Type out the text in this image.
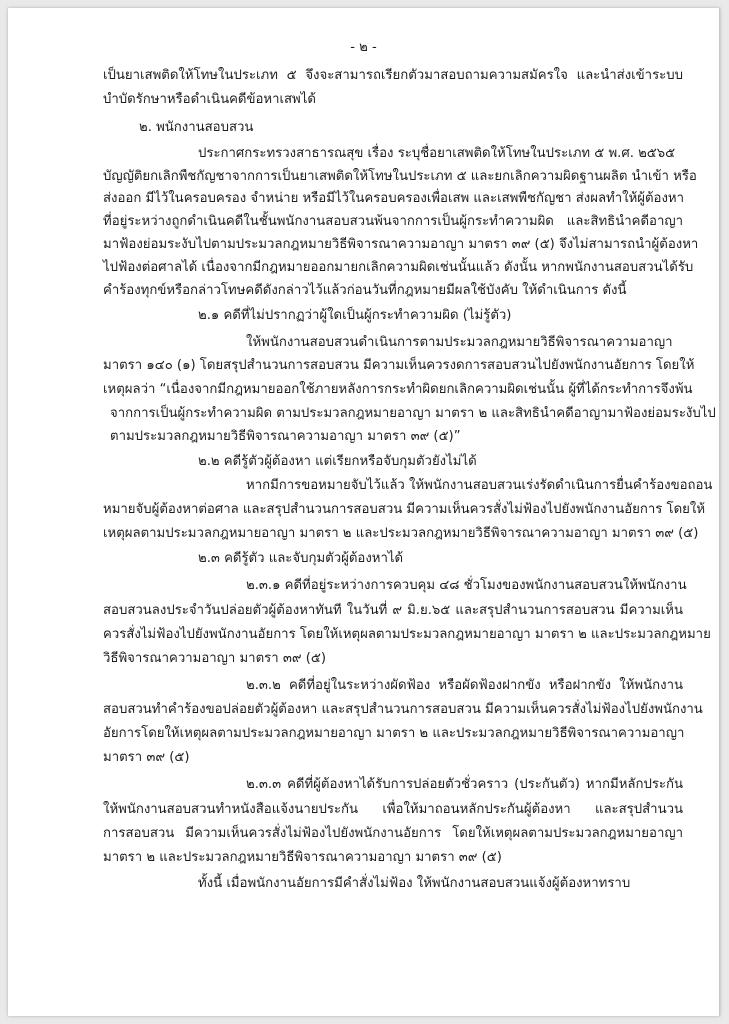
- ๒ -
เป็นยาเสพติดให้โทษในประเภท ๕ จึงจะสามารถเรียกตัวมาสอบถามความสมัครใจ และนำส่งเข้าระบบ
บำบัดรักษาหรือดำเนินคดีข้อหาเสพได้
๒. พนักงานสอบสวน
ประกาศกระทรวงสาธารณสุข เรื่อง ระบุชื่อยาเสพติดให้โทษในประเภท ๕ พ.ศ. ๒๕๖๕
บัญญัติยกเลิกพืชกัญชาจากการเป็นยาเสพติดให้โทษในประเภท ๕ และยกเลิกความผิดฐานผลิต นำเข้า หรือ
ส่งออก มีไว้ในครอบครอง จำหน่าย หรือมีไว้ในครอบครองเพื่อเสพ และเสพพืชกัญชา ส่งผลทำให้ผู้ต้องหา
ที่อยู่ระหว่างถูกดำเนินคดีในชั้นพนักงานสอบสวนพ้นจากการเป็นผู้กระทำความผิด และสิทธินำคดีอาญา
มาฟ้องย่อมระงับไปตามประมวลกฎหมายวิธีพิจารณาความอาญา มาตรา ๓๙ (๕) จึงไม่สามารถนำผู้ต้องหา
ไปฟ้องต่อศาลได้ เนื่องจากมีกฎหมายออกมายกเลิกความผิดเช่นนั้นแล้ว ดังนั้น หากพนักงานสอบสวนได้รับ
คำร้องทุกข์หรือกล่าวโทษคดีดังกล่าวไว้แล้วก่อนวันที่กฎหมายมีผลใช้บังคับ ให้ดำเนินการ ดังนี้
๒.๑ คดีที่ไม่ปรากฏว่าผู้ใดเป็นผู้กระทำความผิด (ไม่รู้ตัว)
ให้พนักงานสอบสวนดำเนินการตามประมวลกฎหมายวิธีพิจารณาความอาญา
มาตรา ๑๔๐ (๑) โดยสรุปสำนวนการสอบสวน มีความเห็นควรงดการสอบสวนไปยังพนักงานอัยการ โดยให้
เหตุผลว่า “เนื่องจากมีกฎหมายออกใช้ภายหลังการกระทำผิดยกเลิกความผิดเช่นนั้น ผู้ที่ได้กระทำการจึงพ้น
จากการเป็นผู้กระทำความผิด ตามประมวลกฎหมายอาญา มาตรา ๒ และสิทธินำคดีอาญามาฟ้องย่อมระงับไป
ตามประมวลกฎหมายวิธีพิจารณาความอาญา มาตรา ๓๙ (๕)”
๒.๒ คดีรู้ตัวผู้ต้องหา แต่เรียกหรือจับกุมตัวยังไม่ได้
หากมีการขอหมายจับไว้แล้ว ให้พนักงานสอบสวนเร่งรัดดำเนินการยื่นคำร้องขอถอน
หมายจับผู้ต้องหาต่อศาล และสรุปสำนวนการสอบสวน มีความเห็นควรสั่งไม่ฟ้องไปยังพนักงานอัยการ โดยให้
เหตุผลตามประมวลกฎหมายอาญา มาตรา ๒ และประมวลกฎหมายวิธีพิจารณาความอาญา มาตรา ๓๙ (๕)
๒.๓ คดีรู้ตัว และจับกุมตัวผู้ต้องหาได้
๒.๓.๑ คดีที่อยู่ระหว่างการควบคุม ๔๘ ชั่วโมงของพนักงานสอบสวนให้พนักงาน
สอบสวนลงประจำวันปล่อยตัวผู้ต้องหาทันที ในวันที่ ๙ มิ.ย.๖๕ และสรุปสำนวนการสอบสวน มีความเห็น
ควรสั่งไม่ฟ้องไปยังพนักงานอัยการ โดยให้เหตุผลตามประมวลกฎหมายอาญา มาตรา ๒ และประมวลกฎหมาย
วิธีพิจารณาความอาญา มาตรา ๓๙ (๕)
๒.๓.๒ คดีที่อยู่ในระหว่างผัดฟ้อง หรือผัดฟ้องฝากขัง หรือฝากขัง ให้พนักงาน
สอบสวนทำคำร้องขอปล่อยตัวผู้ต้องหา และสรุปสำนวนการสอบสวน มีความเห็นควรสั่งไม่ฟ้องไปยังพนักงาน
อัยการโดยให้เหตุผลตามประมวลกฎหมายอาญา มาตรา ๒ และประมวลกฎหมายวิธีพิจารณาความอาญา
มาตรา ๓๙ (๕)
๒.๓.๓ คดีที่ผู้ต้องหาได้รับการปล่อยตัวชั่วคราว (ประกันตัว) หากมีหลักประกัน
ให้พนักงานสอบสวนทำหนังสือแจ้งนายประกัน เพื่อให้มาถอนหลักประกันผู้ต้องหา และสรุปสำนวน
การสอบสวน มีความเห็นควรสั่งไม่ฟ้องไปยังพนักงานอัยการ โดยให้เหตุผลตามประมวลกฎหมายอาญา
มาตรา ๒ และประมวลกฎหมายวิธีพิจารณาความอาญา มาตรา ๓๙ (๕)
ทั้งนี้ เมื่อพนักงานอัยการมีคำสั่งไม่ฟ้อง ให้พนักงานสอบสวนแจ้งผู้ต้องหาทราบ
